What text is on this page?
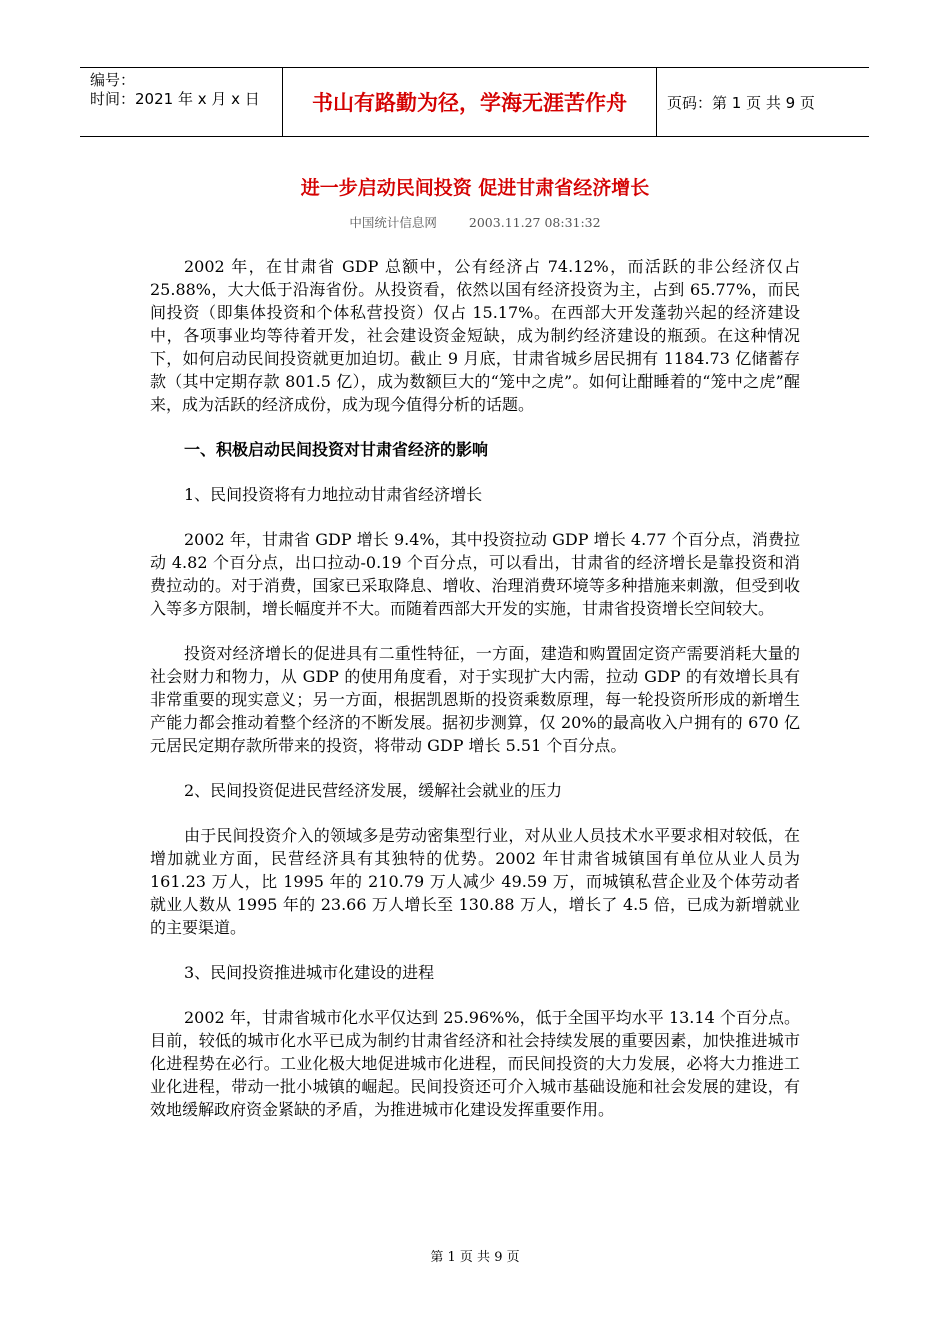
编号：
时间：2021 年 x 月 x 日	书山有路勤为径，学海无涯苦作舟	页码：第 1 页 共 9 页
进一步启动民间投资 促进甘肃省经济增长
中国统计信息网	2003.11.27 08:31:32

2002 年，在甘肃省 GDP 总额中，公有经济占 74.12%，而活跃的非公经济仅占 25.88%，大大低于沿海省份。从投资看，依然以国有经济投资为主，占到 65.77%，而民间投资（即集体投资和个体私营投资）仅占 15.17%。在西部大开发蓬勃兴起的经济建设中，各项事业均等待着开发，社会建设资金短缺，成为制约经济建设的瓶颈。在这种情况下，如何启动民间投资就更加迫切。截止 9 月底，甘肃省城乡居民拥有 1184.73 亿储蓄存款（其中定期存款 801.5 亿），成为数额巨大的“笼中之虎”。如何让酣睡着的“笼中之虎”醒来，成为活跃的经济成份，成为现今值得分析的话题。

一、积极启动民间投资对甘肃省经济的影响

1、民间投资将有力地拉动甘肃省经济增长

2002 年，甘肃省 GDP 增长 9.4%，其中投资拉动 GDP 增长 4.77 个百分点，消费拉动 4.82 个百分点，出口拉动-0.19 个百分点，可以看出，甘肃省的经济增长是靠投资和消费拉动的。对于消费，国家已采取降息、增收、治理消费环境等多种措施来刺激，但受到收入等多方限制，增长幅度并不大。而随着西部大开发的实施，甘肃省投资增长空间较大。

投资对经济增长的促进具有二重性特征，一方面，建造和购置固定资产需要消耗大量的社会财力和物力，从 GDP 的使用角度看，对于实现扩大内需，拉动 GDP 的有效增长具有非常重要的现实意义；另一方面，根据凯恩斯的投资乘数原理，每一轮投资所形成的新增生产能力都会推动着整个经济的不断发展。据初步测算，仅 20%的最高收入户拥有的 670 亿元居民定期存款所带来的投资，将带动 GDP 增长 5.51 个百分点。

2、民间投资促进民营经济发展，缓解社会就业的压力

由于民间投资介入的领域多是劳动密集型行业，对从业人员技术水平要求相对较低，在增加就业方面，民营经济具有其独特的优势。2002 年甘肃省城镇国有单位从业人员为 161.23 万人，比 1995 年的 210.79 万人减少 49.59 万，而城镇私营企业及个体劳动者就业人数从 1995 年的 23.66 万人增长至 130.88 万人，增长了 4.5 倍，已成为新增就业的主要渠道。

3、民间投资推进城市化建设的进程

2002 年，甘肃省城市化水平仅达到 25.96%%，低于全国平均水平 13.14 个百分点。目前，较低的城市化水平已成为制约甘肃省经济和社会持续发展的重要因素，加快推进城市化进程势在必行。工业化极大地促进城市化进程，而民间投资的大力发展，必将大力推进工业化进程，带动一批小城镇的崛起。民间投资还可介入城市基础设施和社会发展的建设，有效地缓解政府资金紧缺的矛盾，为推进城市化建设发挥重要作用。

第 1 页 共 9 页
